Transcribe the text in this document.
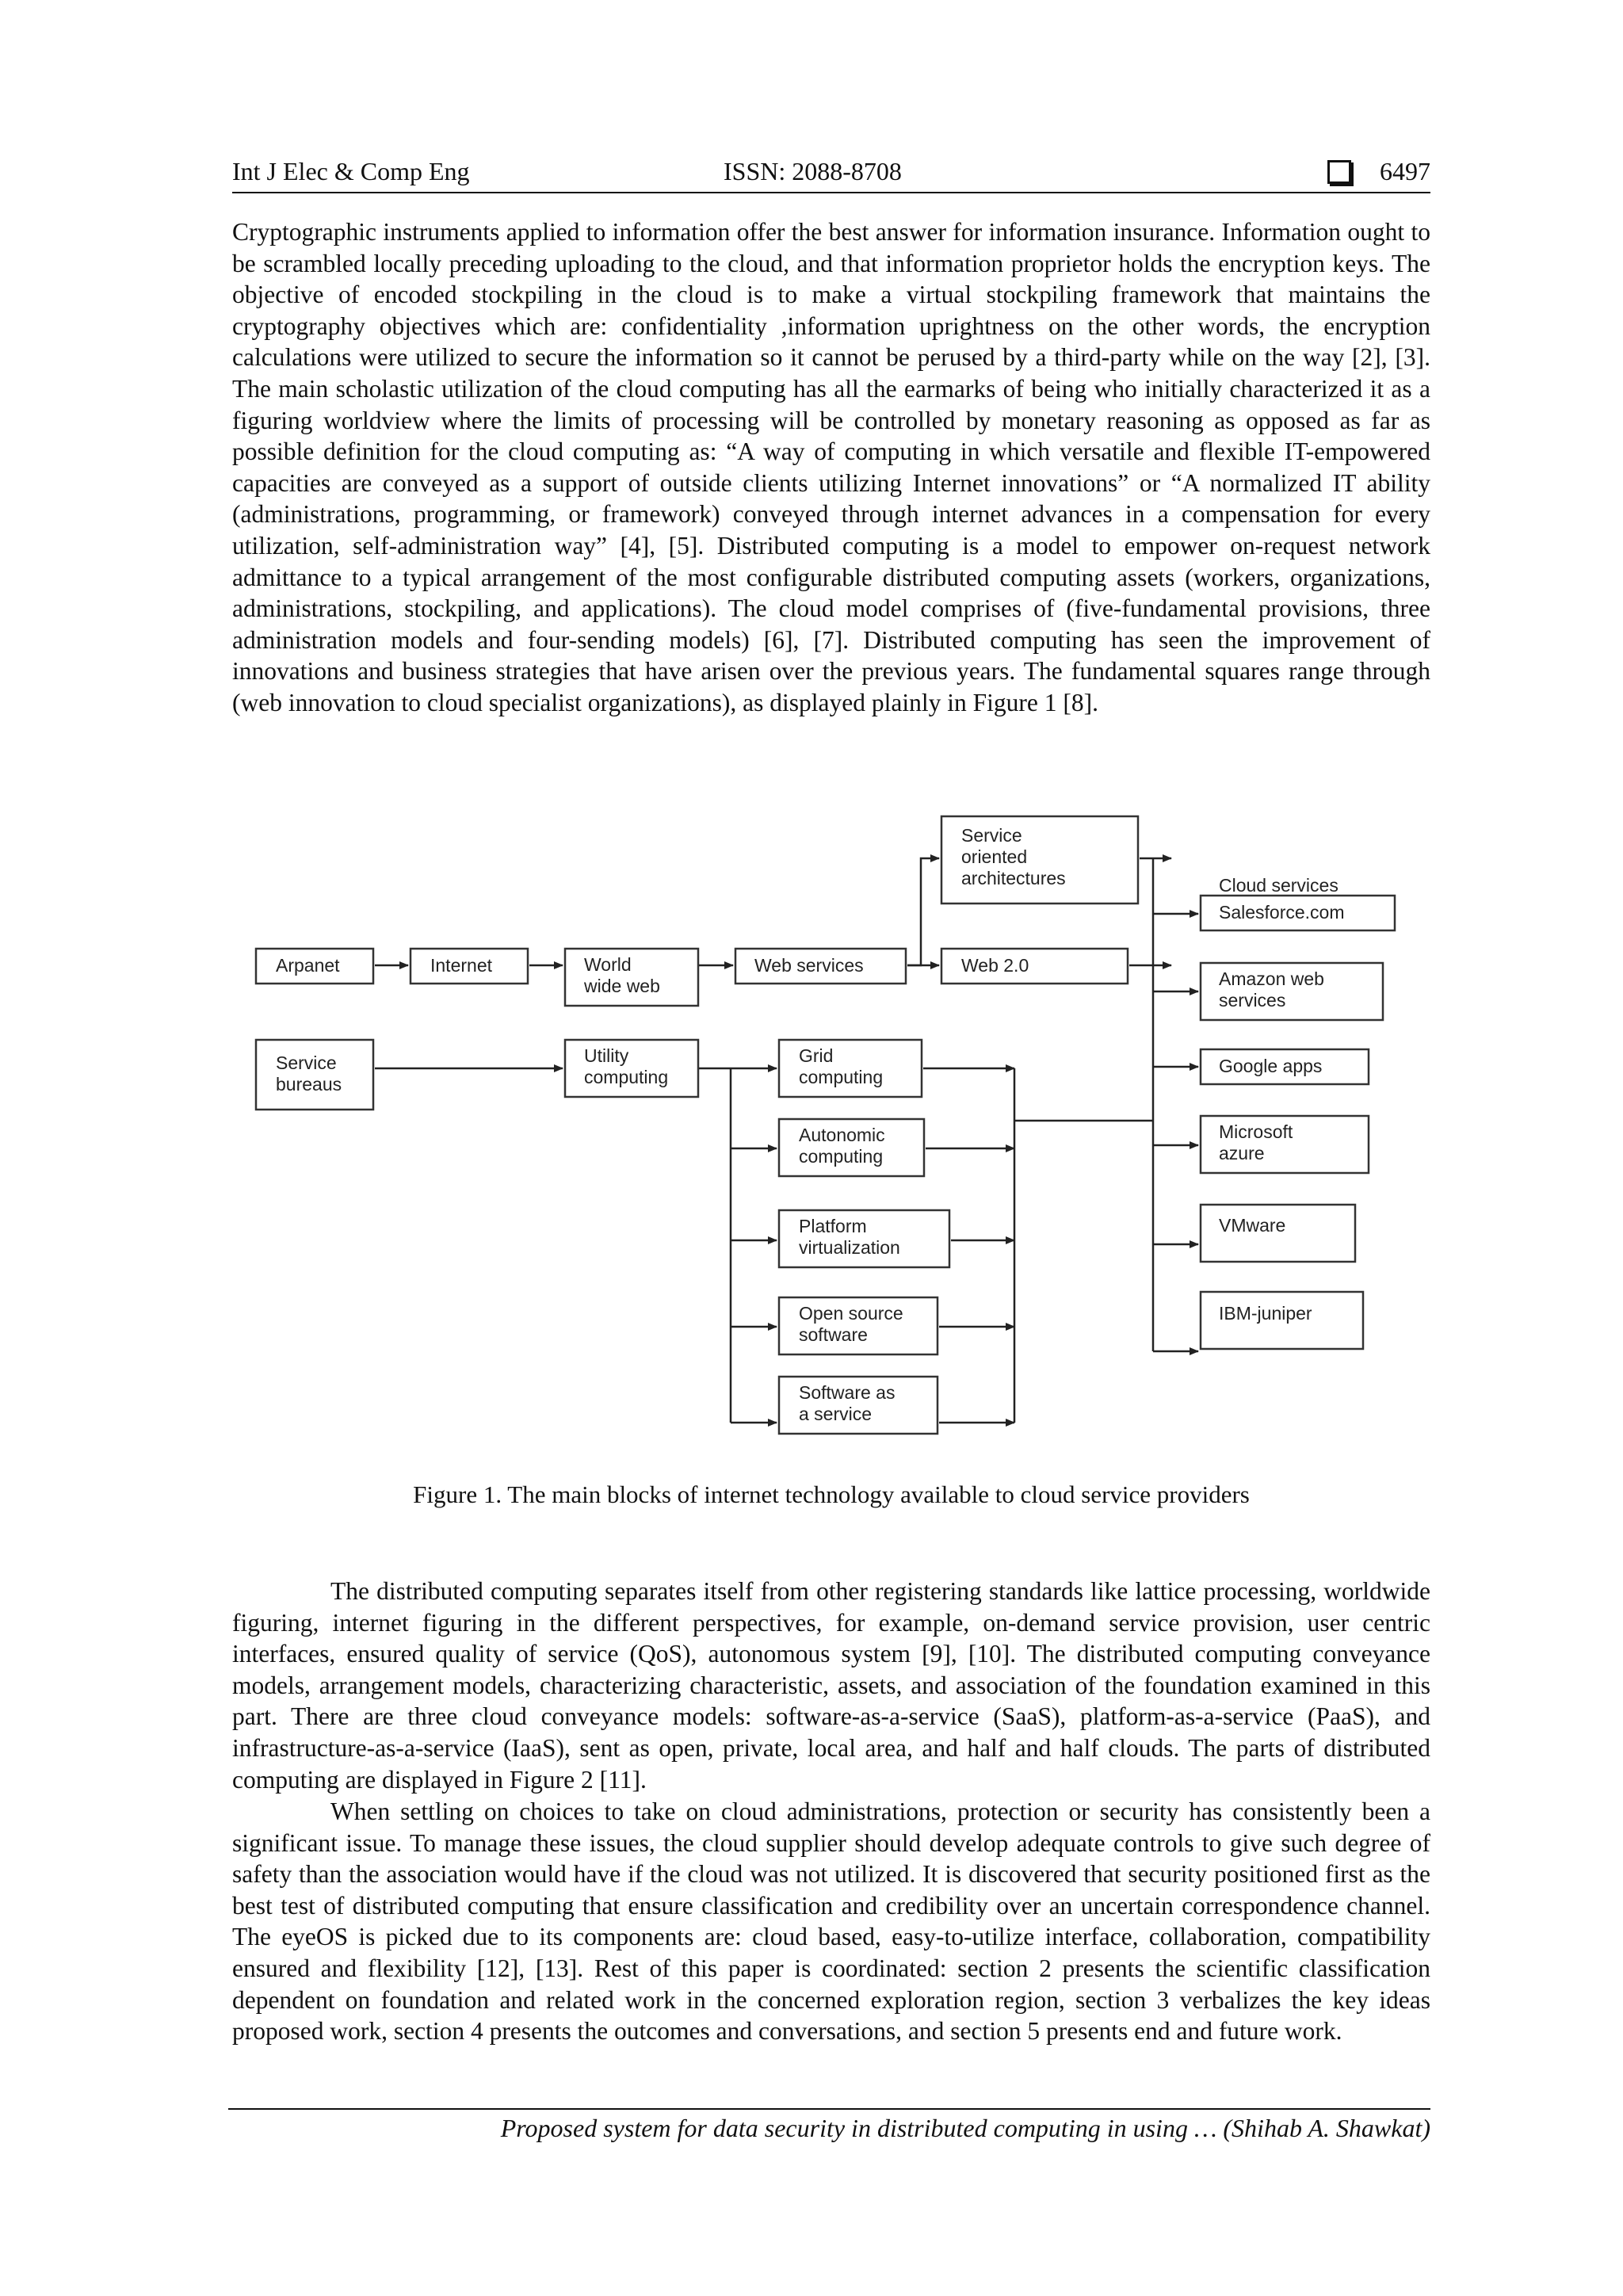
Int J Elec & Comp Eng	ISSN: 2088-8708	6497

Cryptographic instruments applied to information offer the best answer for information insurance. Information ought to be scrambled locally preceding uploading to the cloud, and that information proprietor holds the encryption keys. The objective of encoded stockpiling in the cloud is to make a virtual stockpiling framework that maintains the cryptography objectives which are: confidentiality ,information uprightness on the other words, the encryption calculations were utilized to secure the information so it cannot be perused by a third-party while on the way [2], [3]. The main scholastic utilization of the cloud computing has all the earmarks of being who initially characterized it as a figuring worldview where the limits of processing will be controlled by monetary reasoning as opposed as far as possible definition for the cloud computing as: “A way of computing in which versatile and flexible IT-empowered capacities are conveyed as a support of outside clients utilizing Internet innovations” or “A normalized IT ability (administrations, programming, or framework) conveyed through internet advances in a compensation for every utilization, self-administration way” [4], [5]. Distributed computing is a model to empower on-request network admittance to a typical arrangement of the most configurable distributed computing assets (workers, organizations, administrations, stockpiling, and applications). The cloud model comprises of (five-fundamental provisions, three administration models and four-sending models) [6], [7]. Distributed computing has seen the improvement of innovations and business strategies that have arisen over the previous years. The fundamental squares range through (web innovation to cloud specialist organizations), as displayed plainly in Figure 1 [8].

Arpanet	Internet	World
wide web
Web services
Service
oriented
architectures
Web 2.0
Service
bureaus
Utility
computing
Grid
computing
Autonomic
computing
Platform
virtualization
Open source
software
Software as
a service
Cloud services
Salesforce.com
Amazon web
services
Google apps
Microsoft
azure
VMware
IBM-juniper
Figure 1. The main blocks of internet technology available to cloud service providers

The distributed computing separates itself from other registering standards like lattice processing, worldwide figuring, internet figuring in the different perspectives, for example, on-demand service provision, user centric interfaces, ensured quality of service (QoS), autonomous system [9], [10]. The distributed computing conveyance models, arrangement models, characterizing characteristic, assets, and association of the foundation examined in this part. There are three cloud conveyance models: software-as-a-service (SaaS), platform-as-a-service (PaaS), and infrastructure-as-a-service (IaaS), sent as open, private, local area, and half and half clouds. The parts of distributed computing are displayed in Figure 2 [11].

When settling on choices to take on cloud administrations, protection or security has consistently been a significant issue. To manage these issues, the cloud supplier should develop adequate controls to give such degree of safety than the association would have if the cloud was not utilized. It is discovered that security positioned first as the best test of distributed computing that ensure classification and credibility over an uncertain correspondence channel. The eyeOS is picked due to its components are: cloud based, easy-to-utilize interface, collaboration, compatibility ensured and flexibility [12], [13]. Rest of this paper is coordinated: section 2 presents the scientific classification dependent on foundation and related work in the concerned exploration region, section 3 verbalizes the key ideas proposed work, section 4 presents the outcomes and conversations, and section 5 presents end and future work.

Proposed system for data security in distributed computing in using … (Shihab A. Shawkat)
